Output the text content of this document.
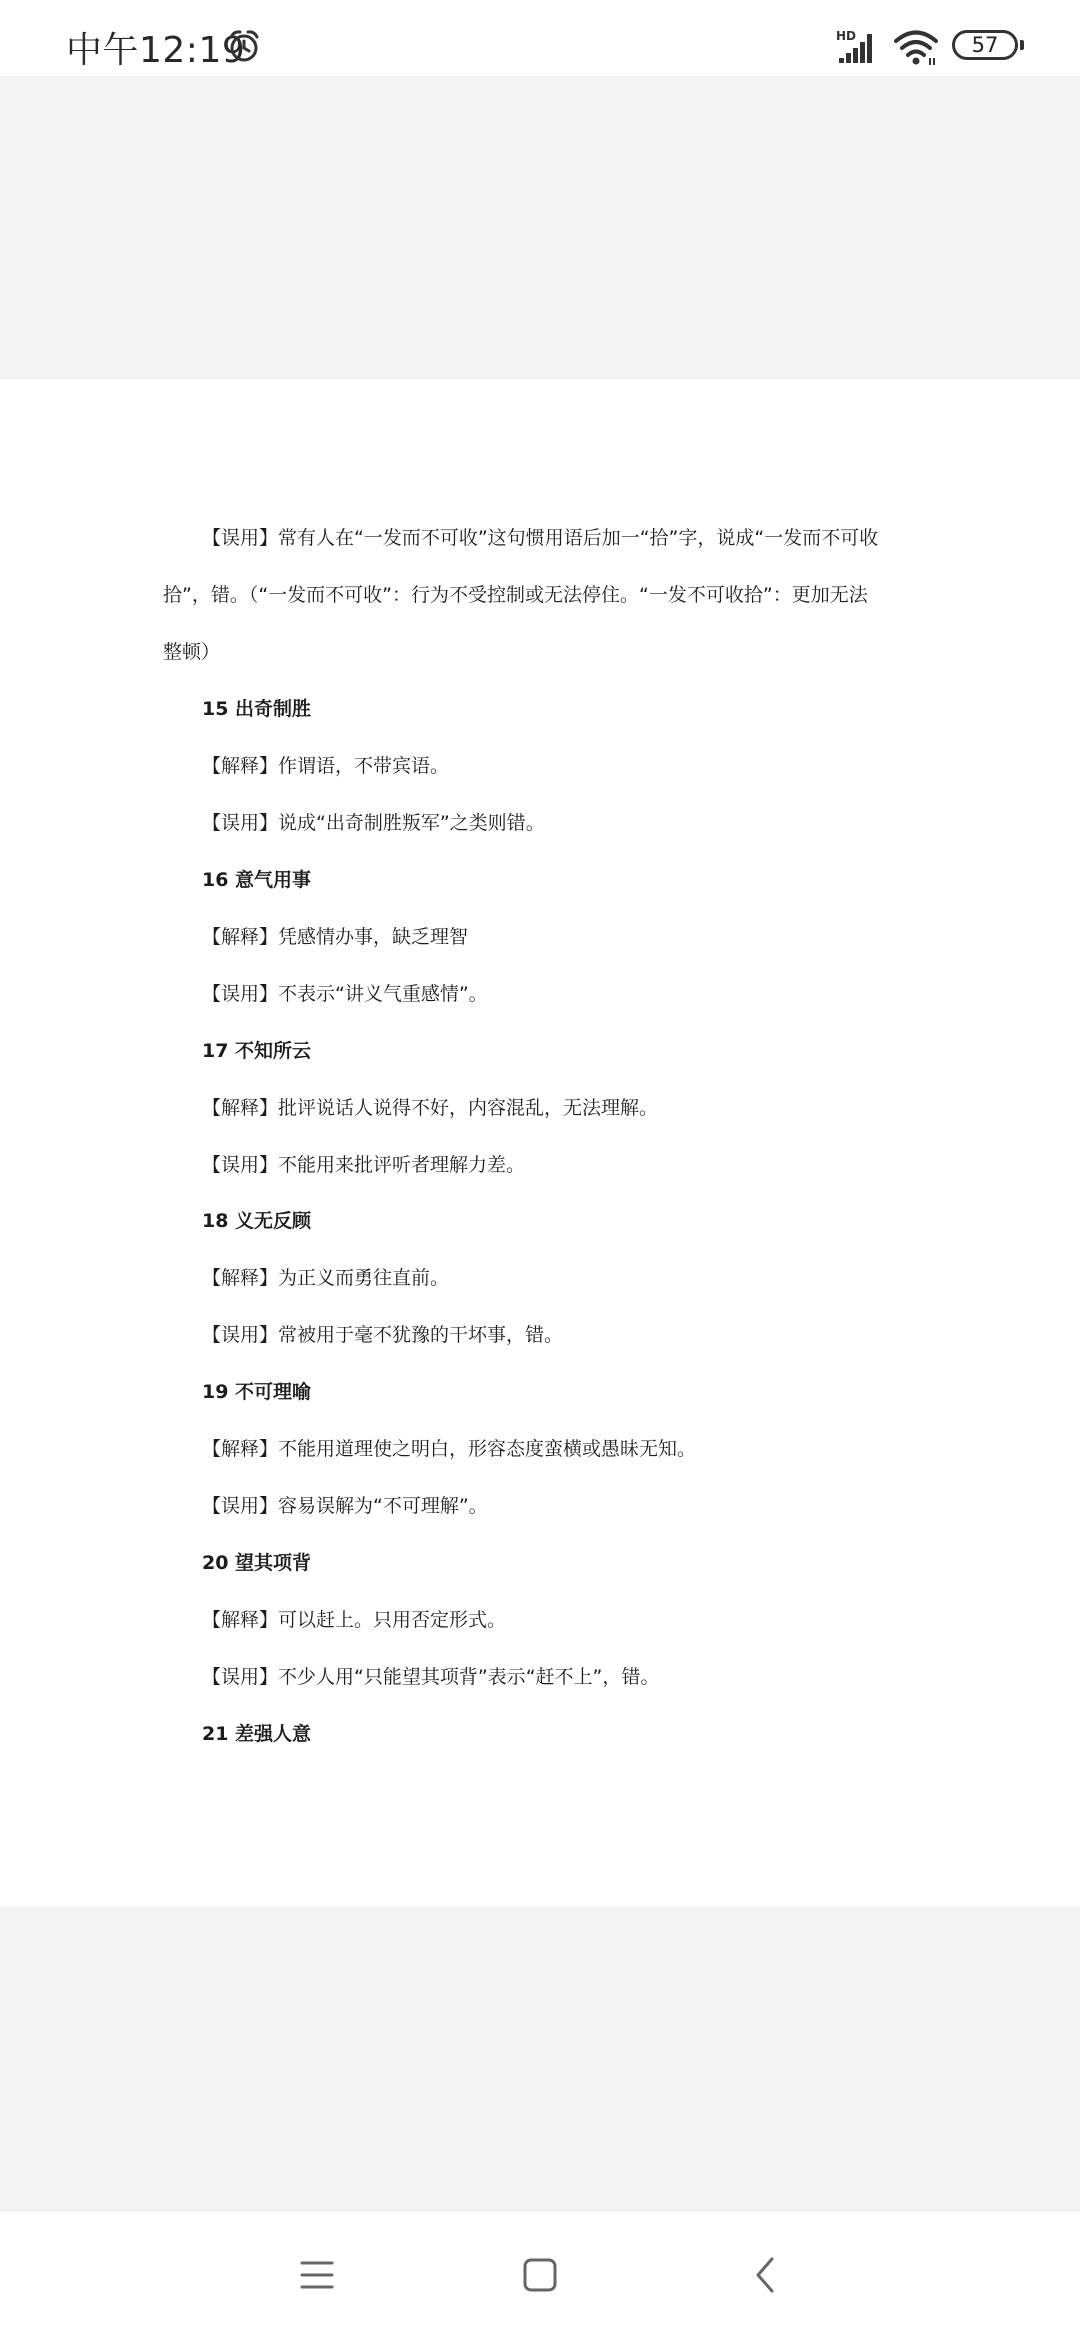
中午12:19	HD	57
【误用】常有人在“一发而不可收”这句惯用语后加一“拾”字，说成“一发而不可收
拾”，错。（“一发而不可收”：行为不受控制或无法停住。“一发不可收拾”：更加无法
整顿）
15 出奇制胜
【解释】作谓语，不带宾语。
【误用】说成“出奇制胜叛军”之类则错。
16 意气用事
【解释】凭感情办事，缺乏理智
【误用】不表示“讲义气重感情”。
17 不知所云
【解释】批评说话人说得不好，内容混乱，无法理解。
【误用】不能用来批评听者理解力差。
18 义无反顾
【解释】为正义而勇往直前。
【误用】常被用于毫不犹豫的干坏事，错。
19 不可理喻
【解释】不能用道理使之明白，形容态度蛮横或愚昧无知。
【误用】容易误解为“不可理解”。
20 望其项背
【解释】可以赶上。只用否定形式。
【误用】不少人用“只能望其项背”表示“赶不上”，错。
21 差强人意
